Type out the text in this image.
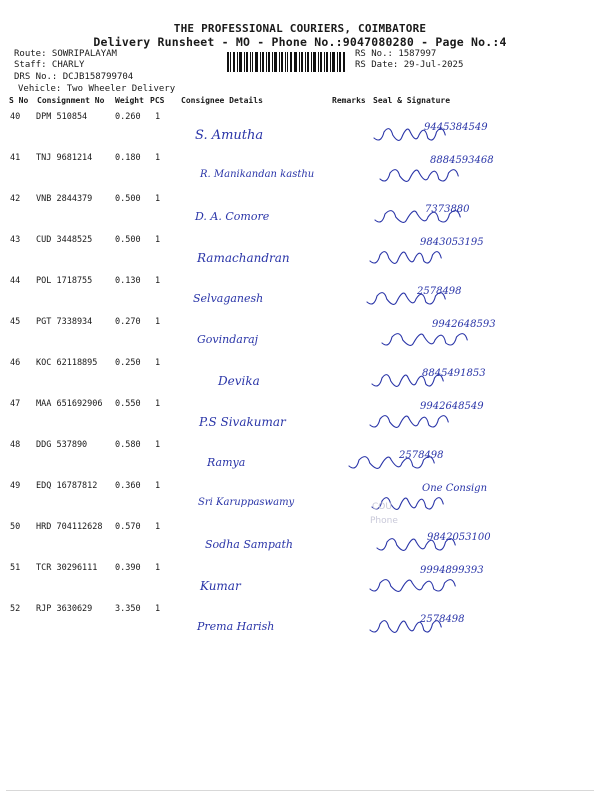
THE PROFESSIONAL COURIERS, COIMBATORE
Delivery Runsheet - MO - Phone No.:9047080280 - Page No.:4
Route: SOWRIPALAYAM
Staff: CHARLY
DRS No.: DCJB158799704
Vehicle: Two Wheeler Delivery
RS No.: 1587997
RS Date: 29-Jul-2025
S No Consignment No Weight PCS Consignee Details	Remarks Seal & Signature
40 DPM 510854	0.260 1
S. Amutha
9445384549
41 TNJ 9681214	0.180 1
R. Manikandan kasthu
8884593468
42 VNB 2844379	0.500 1
D. A. Comore
7373880
43 CUD 3448525	0.500 1
Ramachandran
9843053195
44 POL 1718755	0.130 1
Selvaganesh
2578498
45 PGT 7338934	0.270 1
Govindaraj
9942648593
46 KOC 62118895 0.250 1
Devika
8845491853
47 MAA 651692906 0.550 1
P.S Sivakumar
9942648549
48 DDG 537890	0.580 1
Ramya
2578498
49 EDQ 16787812 0.360 1
Sri Karuppaswamy
One Consign
50 HRD 704112628 0.570 1
Sodha Sampath
9842053100
51 TCR 30296111 0.390 1
Kumar
9994899393
52 RJP 3630629	3.350 1
Prema Harish
2578498
COU
Phone
